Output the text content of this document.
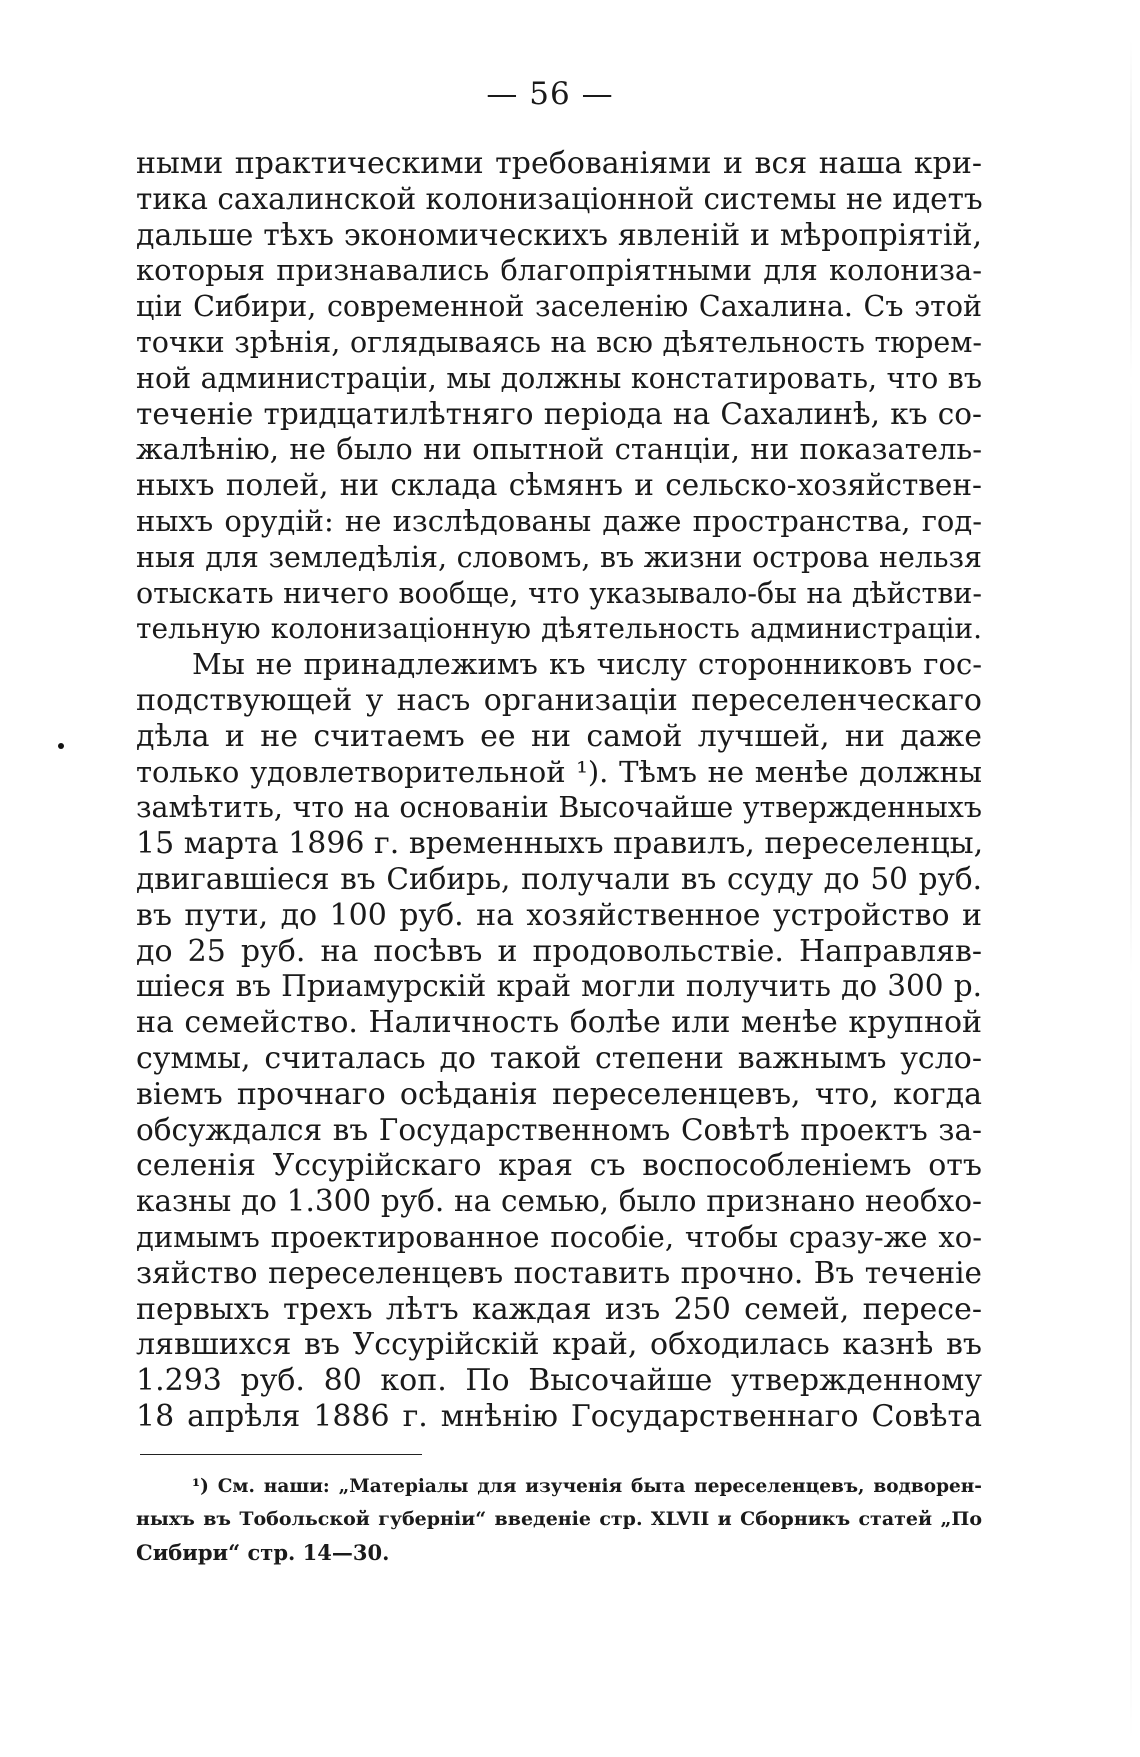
— 56 —
ными практическими требованіями и вся наша кри-
тика сахалинской колонизаціонной системы не идетъ
дальше тѣхъ экономическихъ явленій и мѣропріятій,
которыя признавались благопріятными для колониза-
ціи Сибири, современной заселенію Сахалина. Съ этой
точки зрѣнія, оглядываясь на всю дѣятельность тюрем-
ной администраціи, мы должны констатировать, что въ
теченіе тридцатилѣтняго періода на Сахалинѣ, къ со-
жалѣнію, не было ни опытной станціи, ни показатель-
ныхъ полей, ни склада сѣмянъ и сельско-хозяйствен-
ныхъ орудій: не изслѣдованы даже пространства, год-
ныя для земледѣлія, словомъ, въ жизни острова нельзя
отыскать ничего вообще, что указывало-бы на дѣйстви-
тельную колонизаціонную дѣятельность администраціи.
Мы не принадлежимъ къ числу сторонниковъ гос-
подствующей у насъ организаціи переселенческаго
дѣла и не считаемъ ее ни самой лучшей, ни даже
только удовлетворительной ¹). Тѣмъ не менѣе должны
замѣтить, что на основаніи Высочайше утвержденныхъ
15 марта 1896 г. временныхъ правилъ, переселенцы,
двигавшіеся въ Сибирь, получали въ ссуду до 50 руб.
въ пути, до 100 руб. на хозяйственное устройство и
до 25 руб. на посѣвъ и продовольствіе. Направляв-
шіеся въ Приамурскій край могли получить до 300 р.
на семейство. Наличность болѣе или менѣе крупной
суммы, считалась до такой степени важнымъ усло-
віемъ прочнаго осѣданія переселенцевъ, что, когда
обсуждался въ Государственномъ Совѣтѣ проектъ за-
селенія Уссурійскаго края съ воспособленіемъ отъ
казны до 1.300 руб. на семью, было признано необхо-
димымъ проектированное пособіе, чтобы сразу-же хо-
зяйство переселенцевъ поставить прочно. Въ теченіе
первыхъ трехъ лѣтъ каждая изъ 250 семей, пересе-
лявшихся въ Уссурійскій край, обходилась казнѣ въ
1.293 руб. 80 коп. По Высочайше утвержденному
18 апрѣля 1886 г. мнѣнію Государственнаго Совѣта
¹) См. наши: „Матеріалы для изученія быта переселенцевъ, водворен-
ныхъ въ Тобольской губерніи“ введеніе стр. XLVII и Сборникъ статей „По
Сибири“ стр. 14—30.
